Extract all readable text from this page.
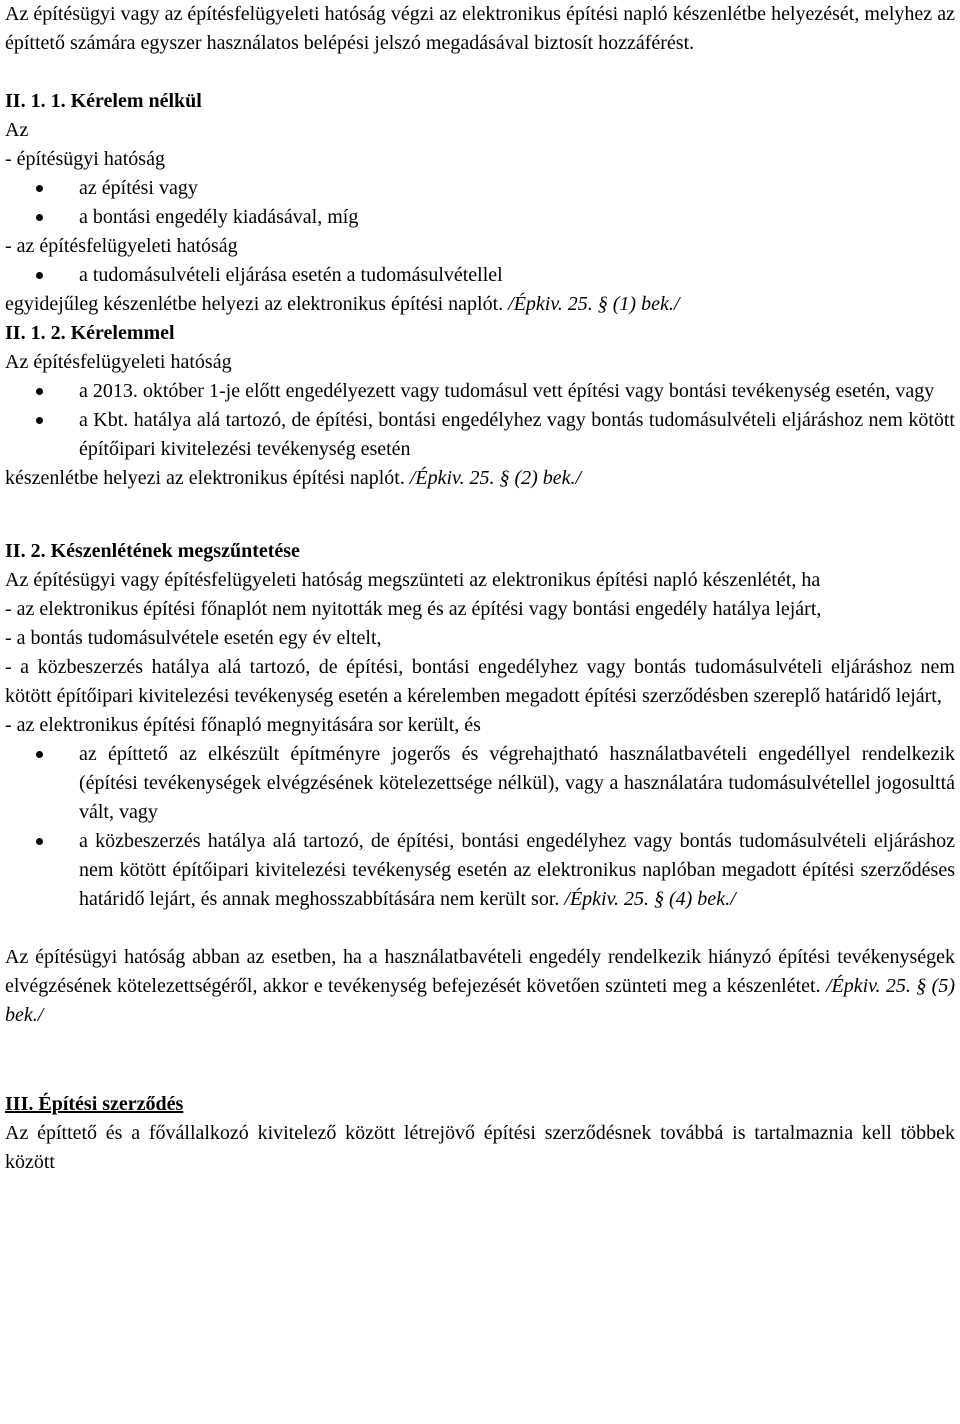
Az építésügyi vagy az építésfelügyeleti hatóság végzi az elektronikus építési napló készenlétbe helyezését, melyhez az építtető számára egyszer használatos belépési jelszó megadásával biztosít hozzáférést.

II. 1. 1. Kérelem nélkül

Az

- építésügyi hatóság

az építési vagy

a bontási engedély kiadásával, míg

- az építésfelügyeleti hatóság

a tudomásulvételi eljárása esetén a tudomásulvétellel

egyidejűleg készenlétbe helyezi az elektronikus építési naplót. /Épkiv. 25. § (1) bek./

II. 1. 2. Kérelemmel

Az építésfelügyeleti hatóság

a 2013. október 1-je előtt engedélyezett vagy tudomásul vett építési vagy bontási tevékenység esetén, vagy

a Kbt. hatálya alá tartozó, de építési, bontási engedélyhez vagy bontás tudomásulvételi eljáráshoz nem kötött építőipari kivitelezési tevékenység esetén

készenlétbe helyezi az elektronikus építési naplót. /Épkiv. 25. § (2) bek./

II. 2. Készenlétének megszűntetése

Az építésügyi vagy építésfelügyeleti hatóság megszünteti az elektronikus építési napló készenlétét, ha

- az elektronikus építési főnaplót nem nyitották meg és az építési vagy bontási engedély hatálya lejárt,

- a bontás tudomásulvétele esetén egy év eltelt,

- a közbeszerzés hatálya alá tartozó, de építési, bontási engedélyhez vagy bontás tudomásulvételi eljáráshoz nem kötött építőipari kivitelezési tevékenység esetén a kérelemben megadott építési szerződésben szereplő határidő lejárt,

- az elektronikus építési főnapló megnyitására sor került, és

az építtető az elkészült építményre jogerős és végrehajtható használatbavételi engedéllyel rendelkezik (építési tevékenységek elvégzésének kötelezettsége nélkül), vagy a használatára tudomásulvétellel jogosulttá vált, vagy

a közbeszerzés hatálya alá tartozó, de építési, bontási engedélyhez vagy bontás tudomásulvételi eljáráshoz nem kötött építőipari kivitelezési tevékenység esetén az elektronikus naplóban megadott építési szerződéses határidő lejárt, és annak meghosszabbítására nem került sor. /Épkiv. 25. § (4) bek./

Az építésügyi hatóság abban az esetben, ha a használatbavételi engedély rendelkezik hiányzó építési tevékenységek elvégzésének kötelezettségéről, akkor e tevékenység befejezését követően szünteti meg a készenlétet. /Épkiv. 25. § (5) bek./

III. Építési szerződés

Az építtető és a fővállalkozó kivitelező között létrejövő építési szerződésnek továbbá is tartalmaznia kell többek között
